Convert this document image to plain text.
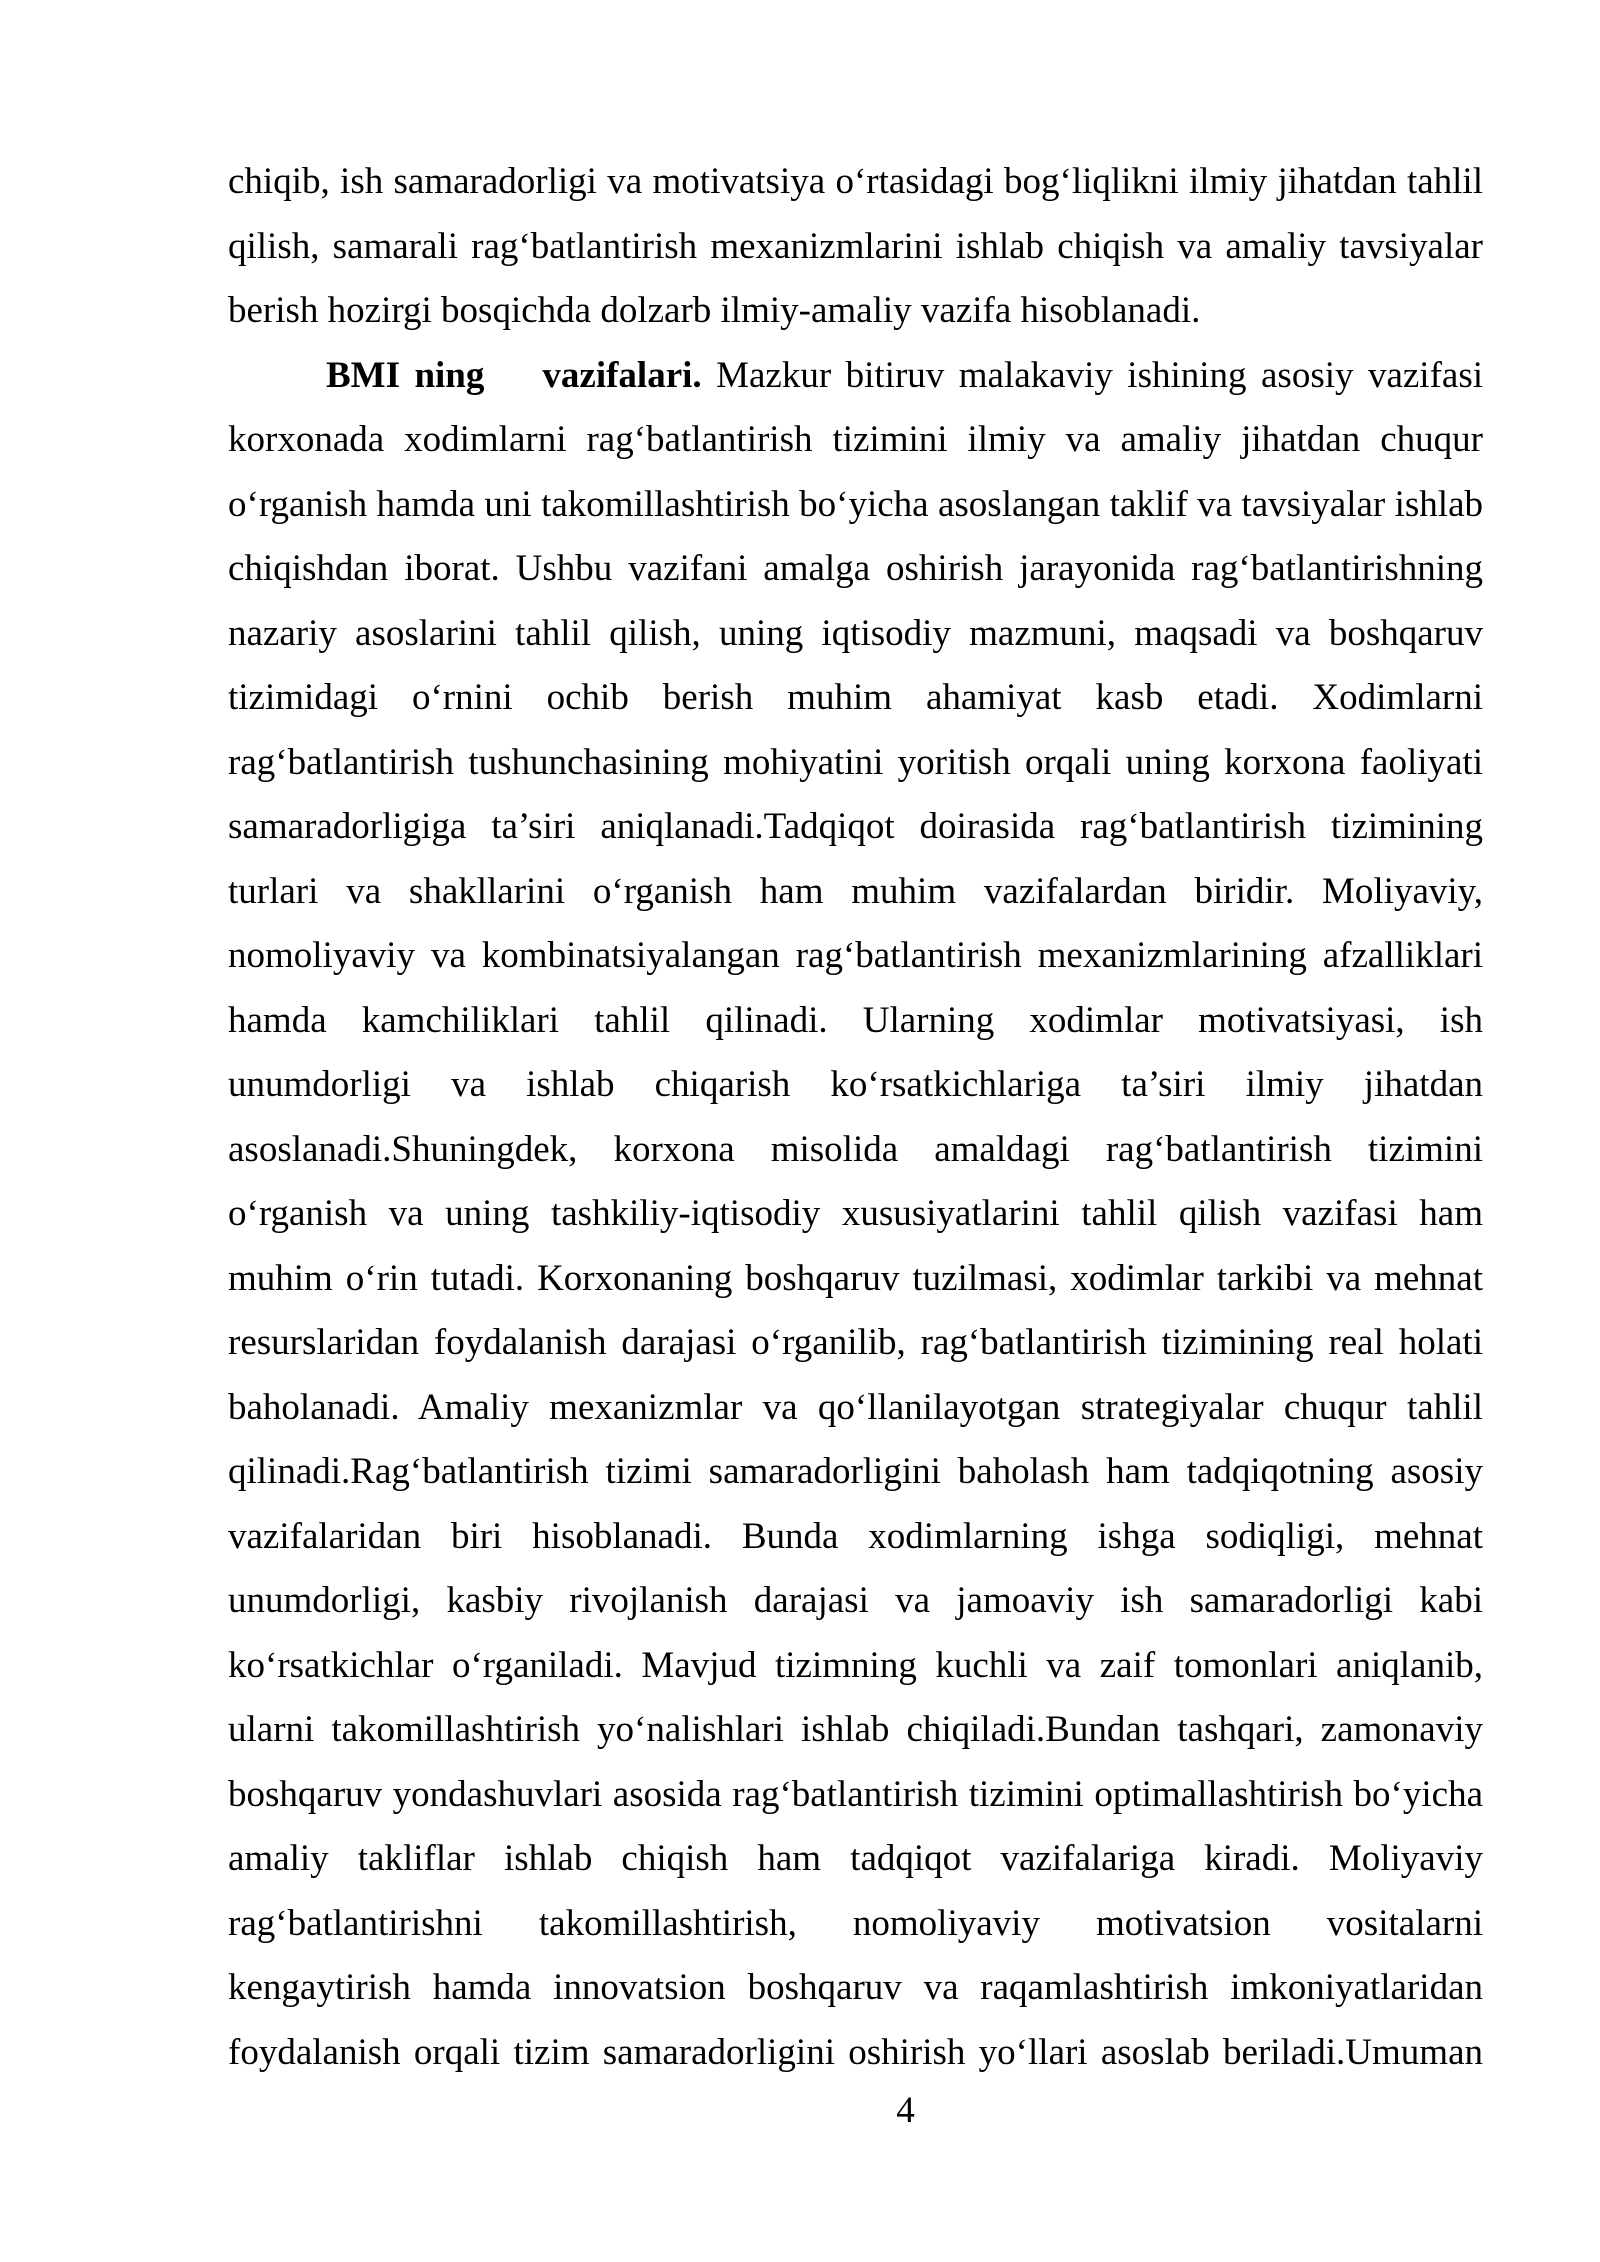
chiqib, ish samaradorligi va motivatsiya oʻrtasidagi bogʻliqlikni ilmiy jihatdan tahlil
qilish, samarali ragʻbatlantirish mexanizmlarini ishlab chiqish va amaliy tavsiyalar
berish hozirgi bosqichda dolzarb ilmiy-amaliy vazifa hisoblanadi.
BMI ning vazifalari. Mazkur bitiruv malakaviy ishining asosiy vazifasi
korxonada xodimlarni ragʻbatlantirish tizimini ilmiy va amaliy jihatdan chuqur
oʻrganish hamda uni takomillashtirish boʻyicha asoslangan taklif va tavsiyalar ishlab
chiqishdan iborat. Ushbu vazifani amalga oshirish jarayonida ragʻbatlantirishning
nazariy asoslarini tahlil qilish, uning iqtisodiy mazmuni, maqsadi va boshqaruv
tizimidagi oʻrnini ochib berish muhim ahamiyat kasb etadi. Xodimlarni
ragʻbatlantirish tushunchasining mohiyatini yoritish orqali uning korxona faoliyati
samaradorligiga ta’siri aniqlanadi.Tadqiqot doirasida ragʻbatlantirish tizimining
turlari va shakllarini oʻrganish ham muhim vazifalardan biridir. Moliyaviy,
nomoliyaviy va kombinatsiyalangan ragʻbatlantirish mexanizmlarining afzalliklari
hamda kamchiliklari tahlil qilinadi. Ularning xodimlar motivatsiyasi, ish
unumdorligi va ishlab chiqarish koʻrsatkichlariga ta’siri ilmiy jihatdan
asoslanadi.Shuningdek, korxona misolida amaldagi ragʻbatlantirish tizimini
oʻrganish va uning tashkiliy-iqtisodiy xususiyatlarini tahlil qilish vazifasi ham
muhim oʻrin tutadi. Korxonaning boshqaruv tuzilmasi, xodimlar tarkibi va mehnat
resurslaridan foydalanish darajasi oʻrganilib, ragʻbatlantirish tizimining real holati
baholanadi. Amaliy mexanizmlar va qoʻllanilayotgan strategiyalar chuqur tahlil
qilinadi.Ragʻbatlantirish tizimi samaradorligini baholash ham tadqiqotning asosiy
vazifalaridan biri hisoblanadi. Bunda xodimlarning ishga sodiqligi, mehnat
unumdorligi, kasbiy rivojlanish darajasi va jamoaviy ish samaradorligi kabi
koʻrsatkichlar oʻrganiladi. Mavjud tizimning kuchli va zaif tomonlari aniqlanib,
ularni takomillashtirish yoʻnalishlari ishlab chiqiladi.Bundan tashqari, zamonaviy
boshqaruv yondashuvlari asosida ragʻbatlantirish tizimini optimallashtirish boʻyicha
amaliy takliflar ishlab chiqish ham tadqiqot vazifalariga kiradi. Moliyaviy
ragʻbatlantirishni takomillashtirish, nomoliyaviy motivatsion vositalarni
kengaytirish hamda innovatsion boshqaruv va raqamlashtirish imkoniyatlaridan
foydalanish orqali tizim samaradorligini oshirish yoʻllari asoslab beriladi.Umuman
4
